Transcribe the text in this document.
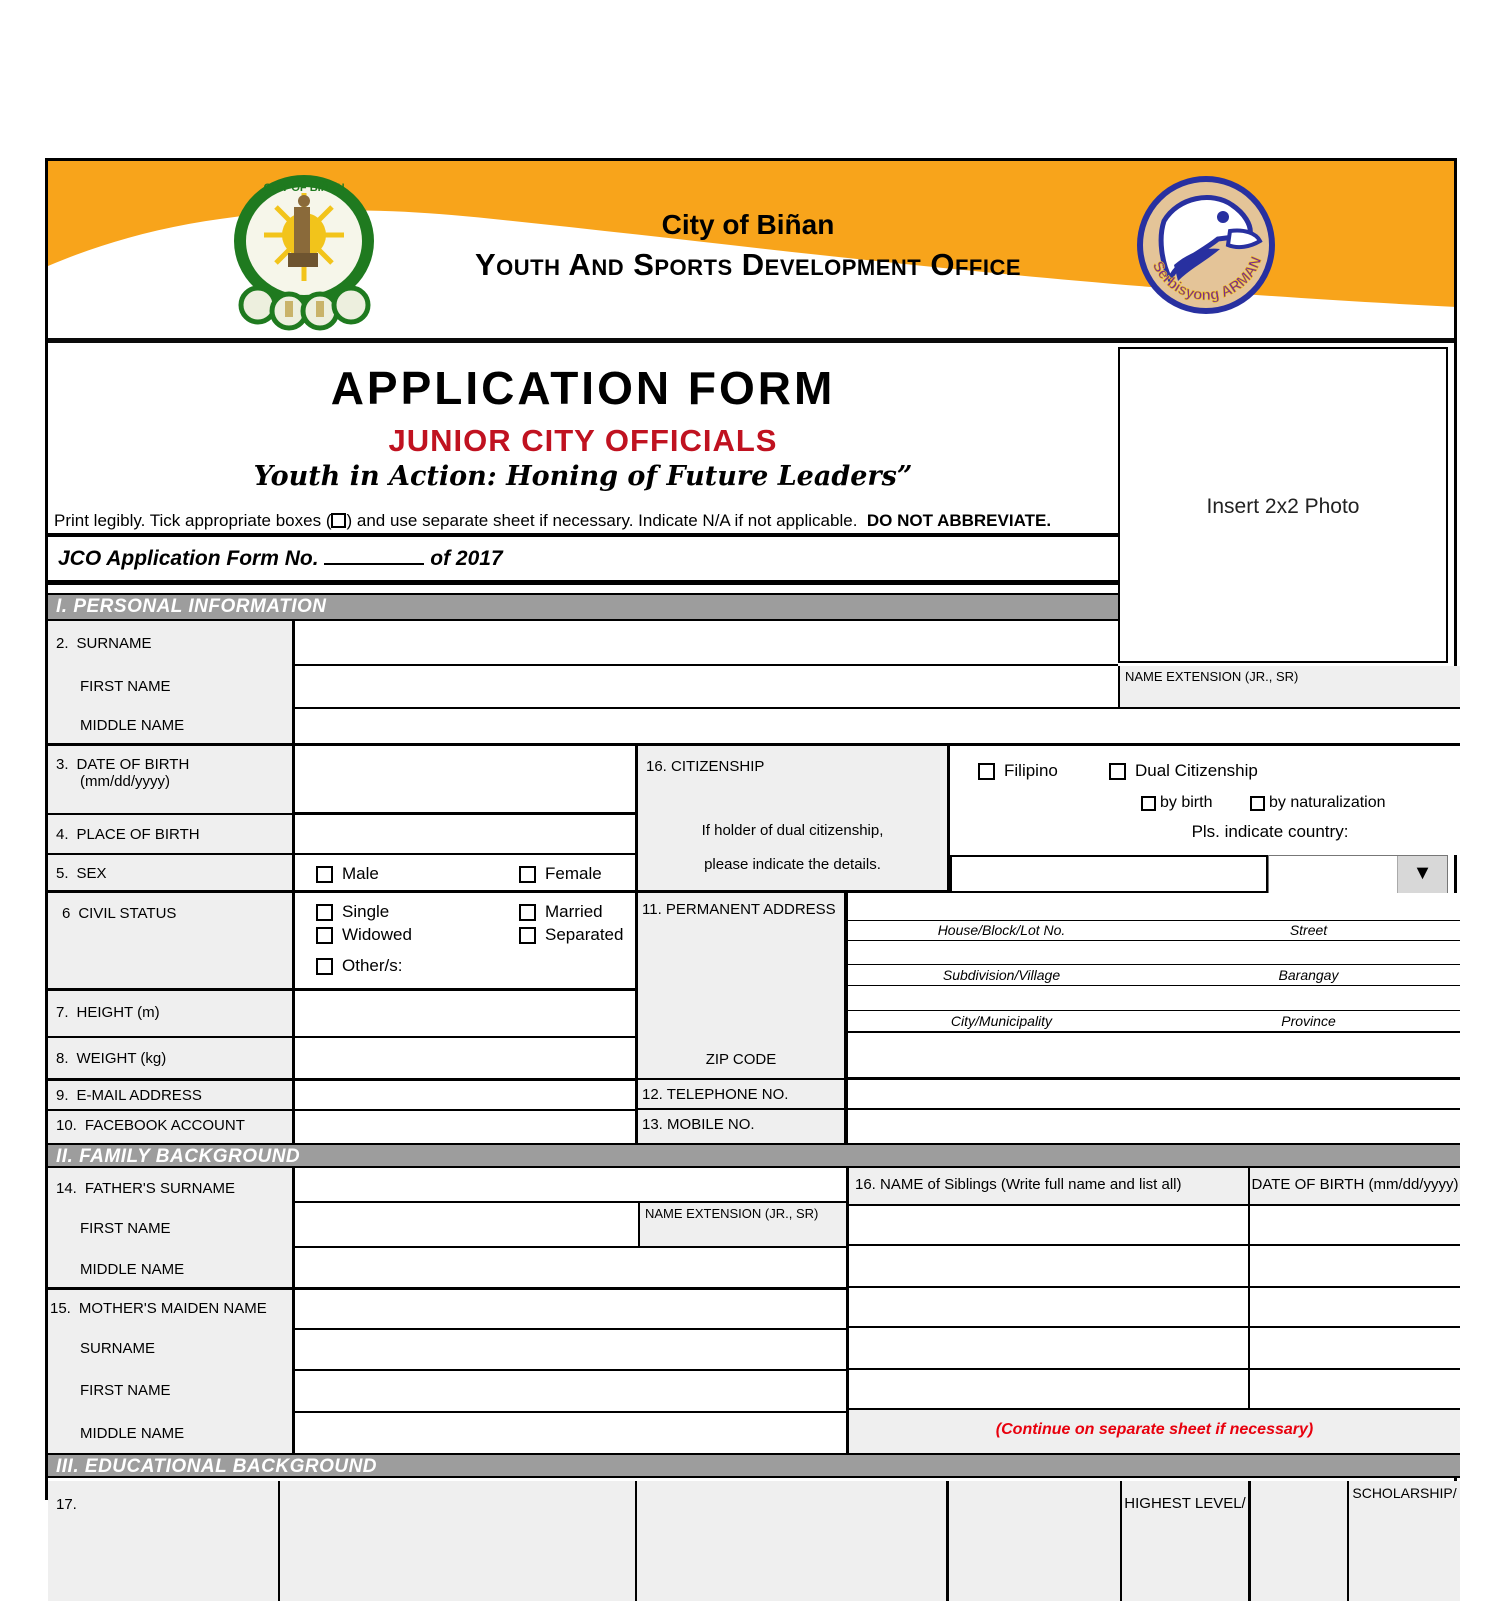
CITY OF BIÑAN
City of Biñan
Youth And Sports Development Office	Serbisyong ARMAN
APPLICATION FORM
JUNIOR CITY OFFICIALS
Youth in Action: Honing of Future Leaders”
Print legibly. Tick appropriate boxes ( ) and use separate sheet if necessary. Indicate N/A if not applicable. DO NOT ABBREVIATE.
JCO Application Form No.	of 2017
Insert 2x2 Photo
I. PERSONAL INFORMATION
2. SURNAME
FIRST NAME
MIDDLE NAME
NAME EXTENSION (JR., SR)
3. DATE OF BIRTH
(mm/dd/yyyy)
4. PLACE OF BIRTH
5. SEX	Male	Female
6 CIVIL STATUS	Single	Married
Widowed	Separated
Other/s:
7. HEIGHT (m)
8. WEIGHT (kg)
9. E-MAIL ADDRESS
10. FACEBOOK ACCOUNT
16. CITIZENSHIP
If holder of dual citizenship,
please indicate the details.
Filipino	Dual Citizenship
by birth	by naturalization
Pls. indicate country:
▼
11. PERMANENT ADDRESS
ZIP CODE
House/Block/Lot No.	Street
Subdivision/Village	Barangay
City/Municipality	Province
12. TELEPHONE NO.
13. MOBILE NO.
II. FAMILY BACKGROUND
14. FATHER'S SURNAME
FIRST NAME
MIDDLE NAME
NAME EXTENSION (JR., SR)
15. MOTHER'S MAIDEN NAME
SURNAME
FIRST NAME
MIDDLE NAME
16. NAME of Siblings (Write full name and list all)	DATE OF BIRTH (mm/dd/yyyy)
(Continue on separate sheet if necessary)
III. EDUCATIONAL BACKGROUND
17.	HIGHEST LEVEL/
SCHOLARSHIP/
